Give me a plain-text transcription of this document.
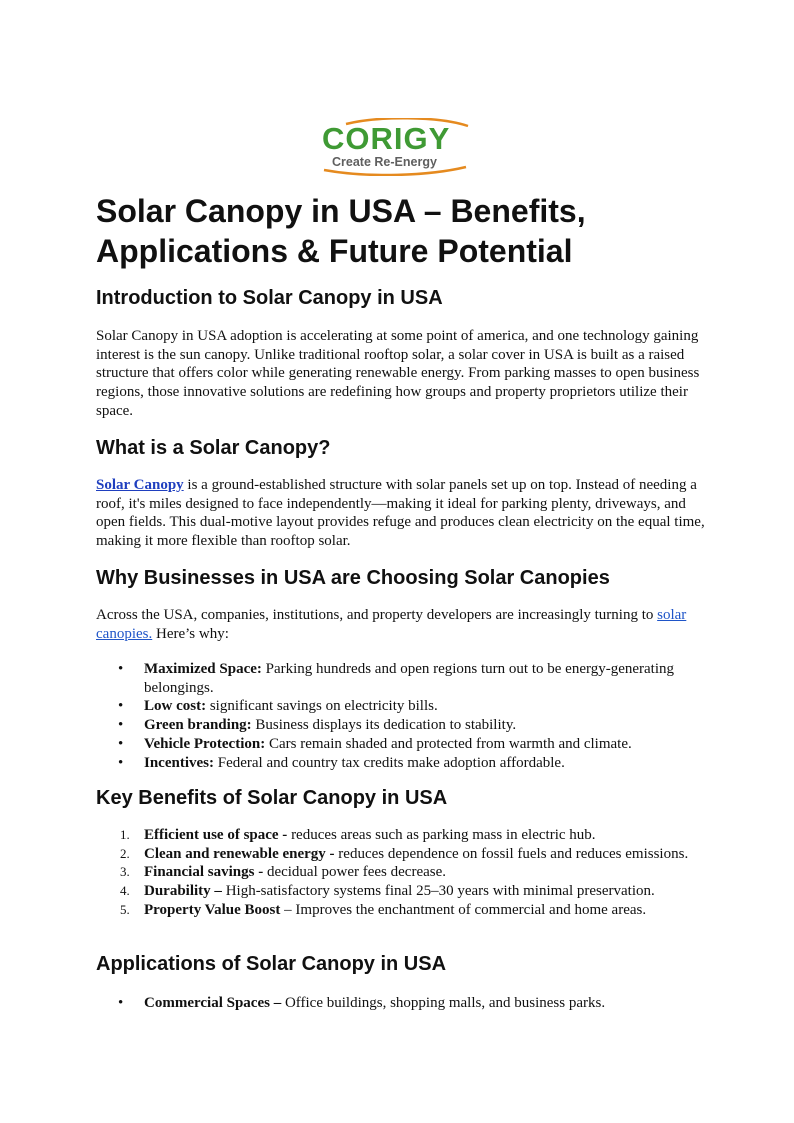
CORIGY
Create Re-Energy
Solar Canopy in USA – Benefits, Applications & Future Potential
Introduction to Solar Canopy in USA

Solar Canopy in USA adoption is accelerating at some point of america, and one technology gaining interest is the sun canopy. Unlike traditional rooftop solar, a solar cover in USA is built as a raised structure that offers color while generating renewable energy. From parking masses to open business regions, those innovative solutions are redefining how groups and property proprietors utilize their space.

What is a Solar Canopy?

Solar Canopy is a ground-established structure with solar panels set up on top. Instead of needing a roof, it's miles designed to face independently—making it ideal for parking plenty, driveways, and open fields. This dual-motive layout provides refuge and produces clean electricity on the equal time, making it more flexible than rooftop solar.

Why Businesses in USA are Choosing Solar Canopies

Across the USA, companies, institutions, and property developers are increasingly turning to solar canopies. Here’s why:

• Maximized Space: Parking hundreds and open regions turn out to be energy-generating belongings.
• Low cost: significant savings on electricity bills.
• Green branding: Business displays its dedication to stability.
• Vehicle Protection: Cars remain shaded and protected from warmth and climate.
• Incentives: Federal and country tax credits make adoption affordable.
Key Benefits of Solar Canopy in USA
1. Efficient use of space - reduces areas such as parking mass in electric hub.
2. Clean and renewable energy - reduces dependence on fossil fuels and reduces emissions.
3. Financial savings - decidual power fees decrease.
4. Durability – High-satisfactory systems final 25–30 years with minimal preservation.
5. Property Value Boost – Improves the enchantment of commercial and home areas.
Applications of Solar Canopy in USA
• Commercial Spaces – Office buildings, shopping malls, and business parks.
